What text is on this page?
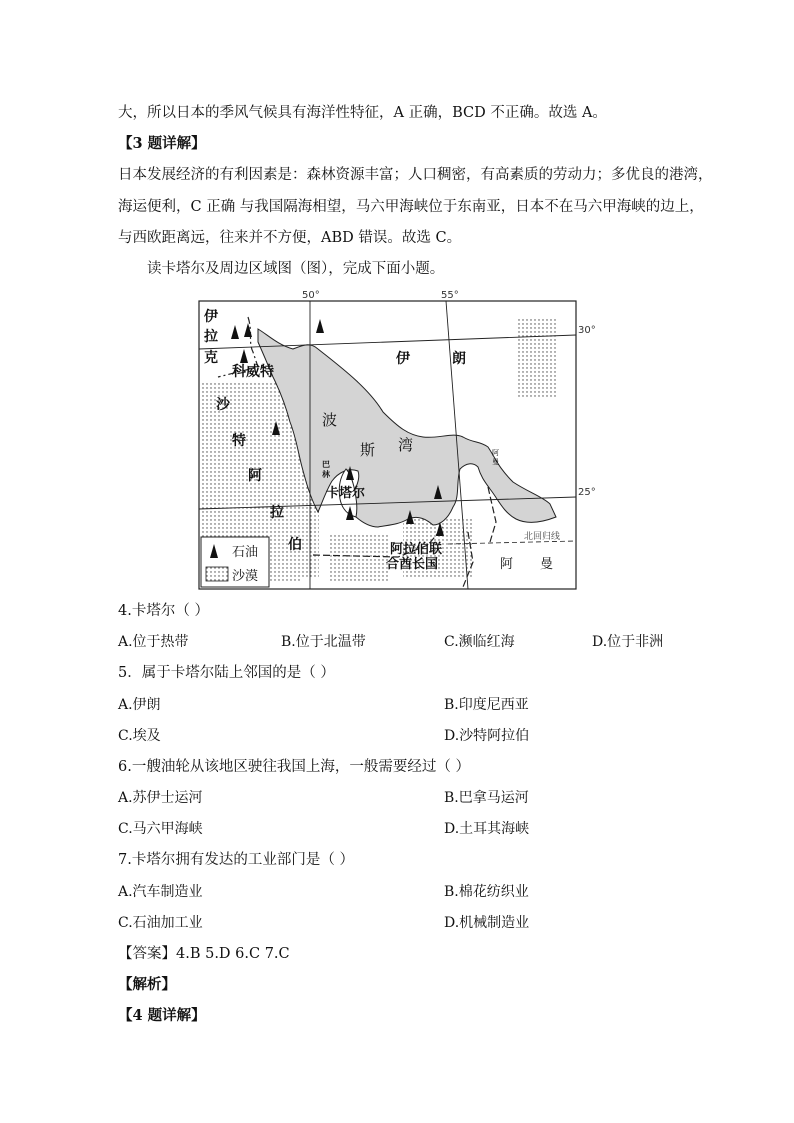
大，所以日本的季风气候具有海洋性特征，A 正确，BCD 不正确。故选 A。
【3 题详解】
日本发展经济的有利因素是：森林资源丰富；人口稠密，有高素质的劳动力；多优良的港湾，
海运便利，C 正确 与我国隔海相望，马六甲海峡位于东南亚，日本不在马六甲海峡的边上，
与西欧距离远，往来并不方便，ABD 错误。故选 C。
读卡塔尔及周边区域图（图），完成下面小题。
50°	55°
30°
25°
伊
拉
克
科威特
伊	朗
沙
特
阿
拉
伯
波
斯 湾
巴
林
卡塔尔
阿拉伯联
合酋长国	阿 曼
阿
曼
北回归线
石油
沙漠
4.卡塔尔（ ）
A.位于热带	B.位于北温带	C.濒临红海	D.位于非洲
5．属于卡塔尔陆上邻国的是（ ）
A.伊朗	B.印度尼西亚
C.埃及	D.沙特阿拉伯
6.一艘油轮从该地区驶往我国上海，一般需要经过（ ）
A.苏伊士运河	B.巴拿马运河
C.马六甲海峡	D.土耳其海峡
7.卡塔尔拥有发达的工业部门是（ ）
A.汽车制造业	B.棉花纺织业
C.石油加工业	D.机械制造业
【答案】4.B 5.D 6.C 7.C
【解析】
【4 题详解】
